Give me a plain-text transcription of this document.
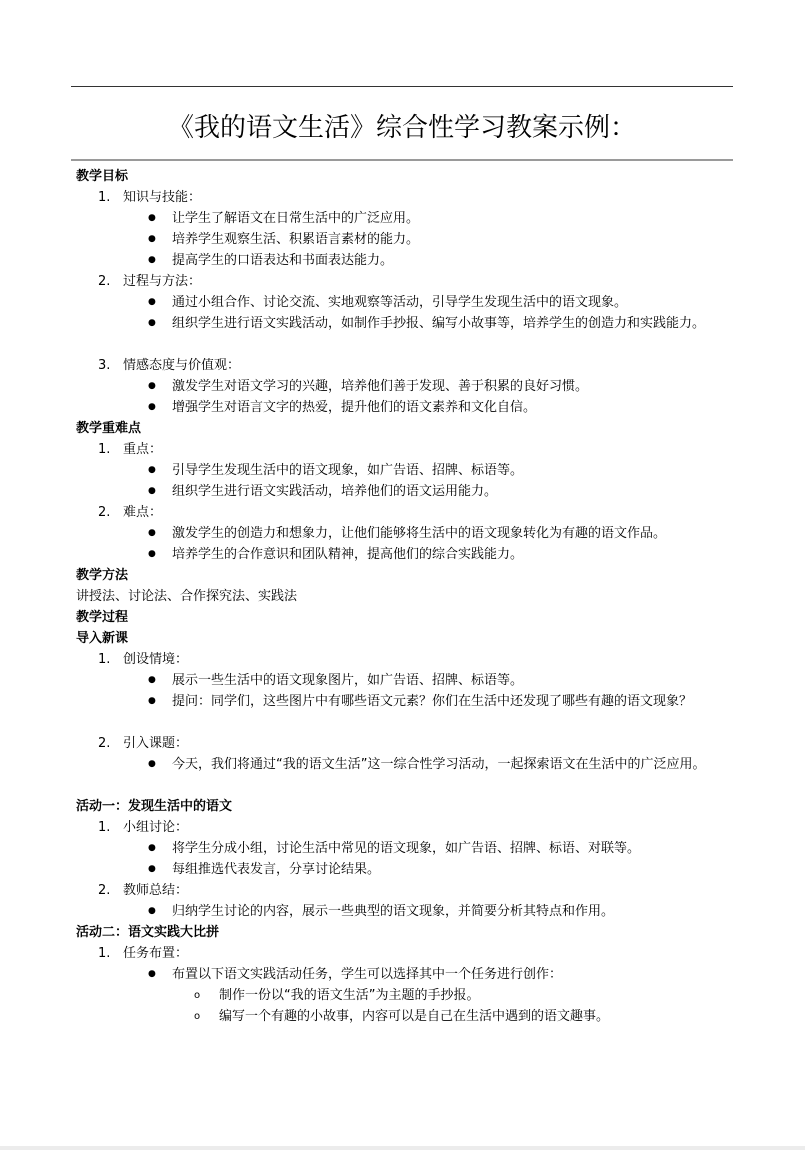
《我的语文生活》综合性学习教案示例：
教学目标
1. 知识与技能：
● 让学生了解语文在日常生活中的广泛应用。
● 培养学生观察生活、积累语言素材的能力。
● 提高学生的口语表达和书面表达能力。
2. 过程与方法：
● 通过小组合作、讨论交流、实地观察等活动，引导学生发现生活中的语文现象。
● 组织学生进行语文实践活动，如制作手抄报、编写小故事等，培养学生的创造力和实践能力。
3. 情感态度与价值观：
● 激发学生对语文学习的兴趣，培养他们善于发现、善于积累的良好习惯。
● 增强学生对语言文字的热爱，提升他们的语文素养和文化自信。
教学重难点
1. 重点：
● 引导学生发现生活中的语文现象，如广告语、招牌、标语等。
● 组织学生进行语文实践活动，培养他们的语文运用能力。
2. 难点：
● 激发学生的创造力和想象力，让他们能够将生活中的语文现象转化为有趣的语文作品。
● 培养学生的合作意识和团队精神，提高他们的综合实践能力。
教学方法
讲授法、讨论法、合作探究法、实践法
教学过程
导入新课
1. 创设情境：
● 展示一些生活中的语文现象图片，如广告语、招牌、标语等。
● 提问：同学们，这些图片中有哪些语文元素？你们在生活中还发现了哪些有趣的语文现象？
2. 引入课题：
● 今天，我们将通过“我的语文生活”这一综合性学习活动，一起探索语文在生活中的广泛应用。
活动一：发现生活中的语文
1. 小组讨论：
● 将学生分成小组，讨论生活中常见的语文现象，如广告语、招牌、标语、对联等。
● 每组推选代表发言，分享讨论结果。
2. 教师总结：
● 归纳学生讨论的内容，展示一些典型的语文现象，并简要分析其特点和作用。
活动二：语文实践大比拼
1. 任务布置：
● 布置以下语文实践活动任务，学生可以选择其中一个任务进行创作：
o 制作一份以“我的语文生活”为主题的手抄报。
o 编写一个有趣的小故事，内容可以是自己在生活中遇到的语文趣事。
